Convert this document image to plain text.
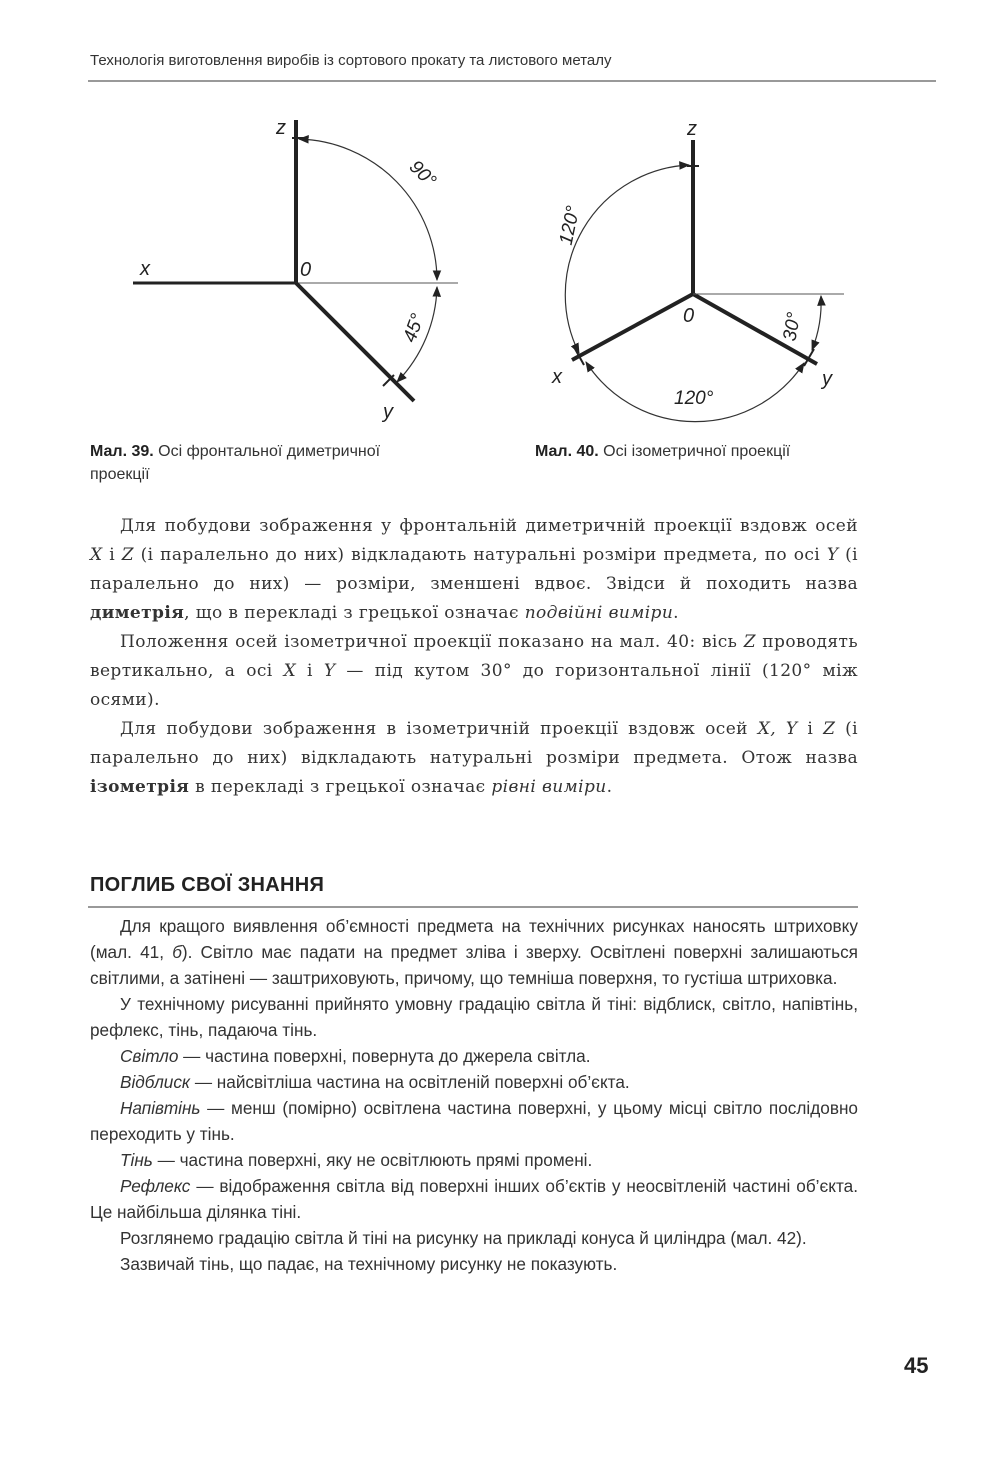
Технологія виготовлення виробів із сортового прокату та листового металу
z
x	0
y
90°
45°
Мал. 39. Осі фронтальної диметричної проекції
z
0
x	y
120°
30°
120°
Мал. 40. Осі ізометричної проекції

Для побудови зображення у фронтальній диметричній проекції вздовж осей X і Z (і паралельно до них) відкладають натуральні розміри предмета, по осі Y (і паралельно до них) — розміри, зменшені вдвоє. Звідси й походить назва диметрія, що в перекладі з грецької означає подвійні виміри.

Положення осей ізометричної проекції показано на мал. 40: вісь Z проводять вертикально, а осі X і Y — під кутом 30° до горизонтальної лінії (120° між осями).

Для побудови зображення в ізометричній проекції вздовж осей X, Y і Z (і паралельно до них) відкладають натуральні розміри предмета. Отож назва ізометрія в перекладі з грецької означає рівні виміри.

ПОГЛИБ СВОЇ ЗНАННЯ

Для кращого виявлення об’ємності предмета на технічних рисунках наносять штриховку (мал. 41, б). Світло має падати на предмет зліва і зверху. Освітлені поверхні залишаються світлими, а затінені — заштриховують, причому, що темніша поверхня, то густіша штриховка.

У технічному рисуванні прийнято умовну градацію світла й тіні: відблиск, світло, напівтінь, рефлекс, тінь, падаюча тінь.

Світло — частина поверхні, повернута до джерела світла.

Відблиск — найсвітліша частина на освітленій поверхні об’єкта.

Напівтінь — менш (помірно) освітлена частина поверхні, у цьому місці світло послідовно переходить у тінь.

Тінь — частина поверхні, яку не освітлюють прямі промені.

Рефлекс — відображення світла від поверхні інших об’єктів у неосвітленій частині об’єкта. Це найбільша ділянка тіні.

Розглянемо градацію світла й тіні на рисунку на прикладі конуса й циліндра (мал. 42).

Зазвичай тінь, що падає, на технічному рисунку не показують.

45
